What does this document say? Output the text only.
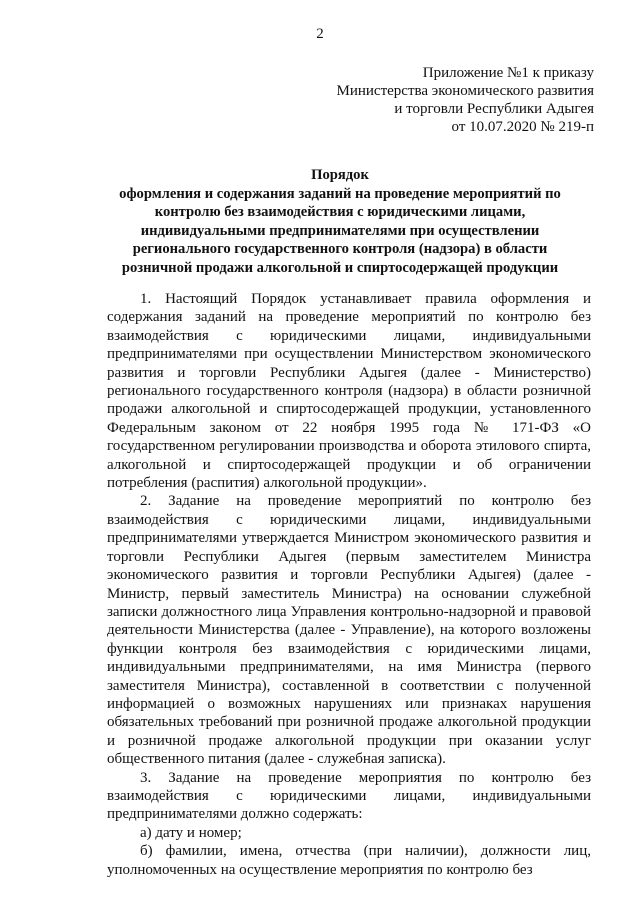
2
Приложение №1 к приказу
Министерства экономического развития
и торговли Республики Адыгея
от 10.07.2020 № 219-п
Порядок
оформления и содержания заданий на проведение мероприятий по
контролю без взаимодействия с юридическими лицами,
индивидуальными предпринимателями при осуществлении
регионального государственного контроля (надзора) в области
розничной продажи алкогольной и спиртосодержащей продукции

1. Настоящий Порядок устанавливает правила оформления и содержания заданий на проведение мероприятий по контролю без взаимодействия с юридическими лицами, индивидуальными предпринимателями при осуществлении Министерством экономического развития и торговли Республики Адыгея (далее - Министерство) регионального государственного контроля (надзора) в области розничной продажи алкогольной и спиртосодержащей продукции, установленного Федеральным законом от 22 ноября 1995 года № 171-ФЗ «О государственном регулировании производства и оборота этилового спирта, алкогольной и спиртосодержащей продукции и об ограничении потребления (распития) алкогольной продукции».

2. Задание на проведение мероприятий по контролю без взаимодействия с юридическими лицами, индивидуальными предпринимателями утверждается Министром экономического развития и торговли Республики Адыгея (первым заместителем Министра экономического развития и торговли Республики Адыгея) (далее - Министр, первый заместитель Министра) на основании служебной записки должностного лица Управления контрольно-надзорной и правовой деятельности Министерства (далее - Управление), на которого возложены функции контроля без взаимодействия с юридическими лицами, индивидуальными предпринимателями, на имя Министра (первого заместителя Министра), составленной в соответствии с полученной информацией о возможных нарушениях или признаках нарушения обязательных требований при розничной продаже алкогольной продукции и розничной продаже алкогольной продукции при оказании услуг общественного питания (далее - служебная записка).

3. Задание на проведение мероприятия по контролю без взаимодействия с юридическими лицами, индивидуальными предпринимателями должно содержать:

а) дату и номер;

б) фамилии, имена, отчества (при наличии), должности лиц, уполномоченных на осуществление мероприятия по контролю без
